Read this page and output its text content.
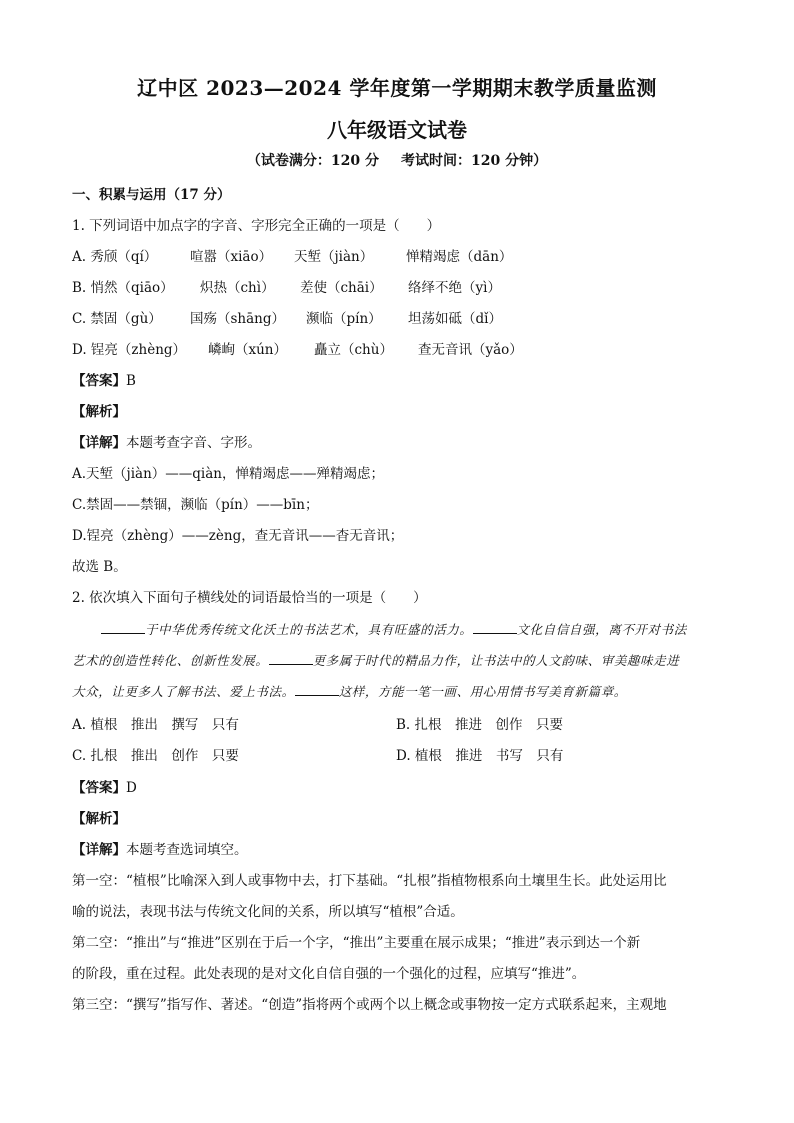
辽中区 2023—2024 学年度第一学期期末教学质量监测
八年级语文试卷
（试卷满分：120 分 考试时间：120 分钟）
一、积累与运用（17 分）
1. 下列词语中加点字的字音、字形完全正确的一项是（　　）
A. 秀颀（qí） 喧嚣（xiāo） 天堑（jiàn） 惮精竭虑（dān）
B. 悄然（qiāo） 炽热（chì） 差使（chāi） 络绎不绝（yì）
C. 禁固（gù） 国殇（shāng） 濒临（pín） 坦荡如砥（dǐ）
D. 锃亮（zhèng） 嶙峋（xún） 矗立（chù） 查无音讯（yǎo）
【答案】B
【解析】
【详解】本题考查字音、字形。
A.天堑（jiàn）——qiàn，惮精竭虑——殚精竭虑；
C.禁固——禁锢，濒临（pín）——bīn；
D.锃亮（zhèng）——zèng，查无音讯——杳无音讯；
故选 B。
2. 依次填入下面句子横线处的词语最恰当的一项是（　　）
于中华优秀传统文化沃土的书法艺术，具有旺盛的活力。	文化自信自强，离不开对书法
艺术的创造性转化、创新性发展。	更多属于时代的精品力作，让书法中的人文韵味、审美趣味走进
大众，让更多人了解书法、爱上书法。	这样，方能一笔一画、用心用情书写美育新篇章。
A. 植根　推出　撰写　只有	B. 扎根　推进　创作　只要
C. 扎根　推出　创作　只要	D. 植根　推进　书写　只有
【答案】D
【解析】
【详解】本题考查选词填空。
第一空：“植根”比喻深入到人或事物中去，打下基础。“扎根”指植物根系向土壤里生长。此处运用比
喻的说法，表现书法与传统文化间的关系，所以填写“植根”合适。
第二空：“推出”与“推进”区别在于后一个字，“推出”主要重在展示成果；“推进”表示到达一个新
的阶段，重在过程。此处表现的是对文化自信自强的一个强化的过程，应填写“推进”。
第三空：“撰写”指写作、著述。“创造”指将两个或两个以上概念或事物按一定方式联系起来，主观地
